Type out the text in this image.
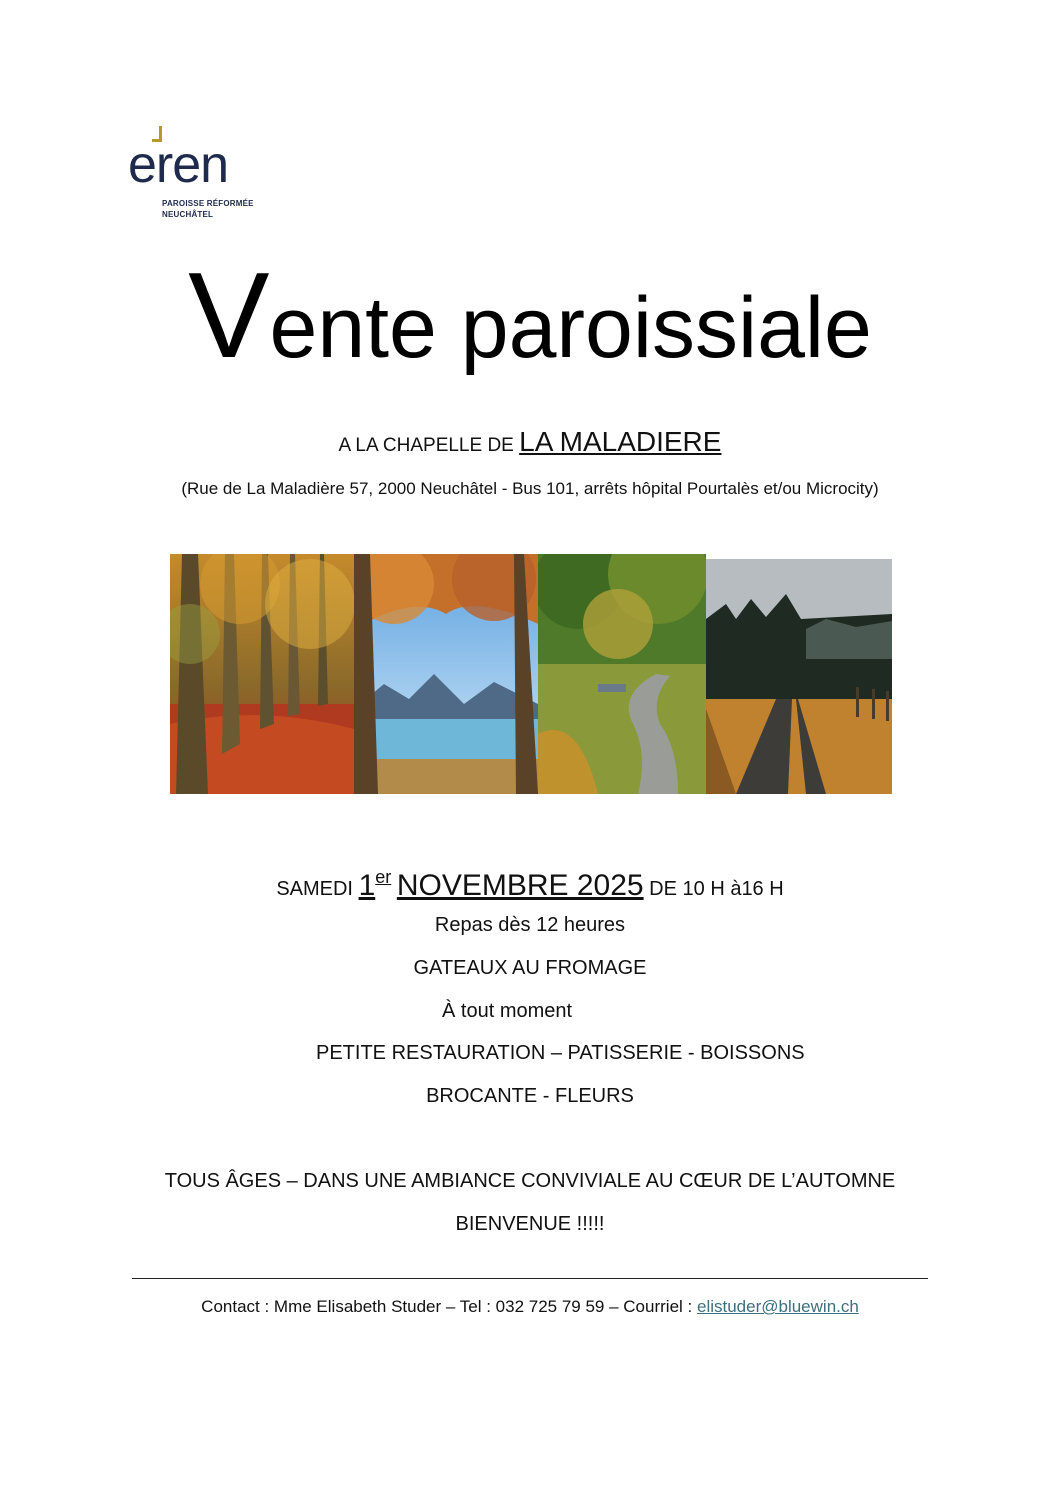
eren
PAROISSE RÉFORMÉE
NEUCHÂTEL
Vente paroissiale
A LA CHAPELLE DE LA MALADIERE
(Rue de La Maladière 57, 2000 Neuchâtel - Bus 101, arrêts hôpital Pourtalès et/ou Microcity)
SAMEDI 1er NOVEMBRE 2025 DE 10 H à16 H
Repas dès 12 heures
GATEAUX AU FROMAGE
À tout moment
PETITE RESTAURATION – PATISSERIE - BOISSONS
BROCANTE - FLEURS
TOUS ÂGES – DANS UNE AMBIANCE CONVIVIALE AU CŒUR DE L’AUTOMNE
BIENVENUE !!!!!
Contact : Mme Elisabeth Studer – Tel : 032 725 79 59 – Courriel : elistuder@bluewin.ch
